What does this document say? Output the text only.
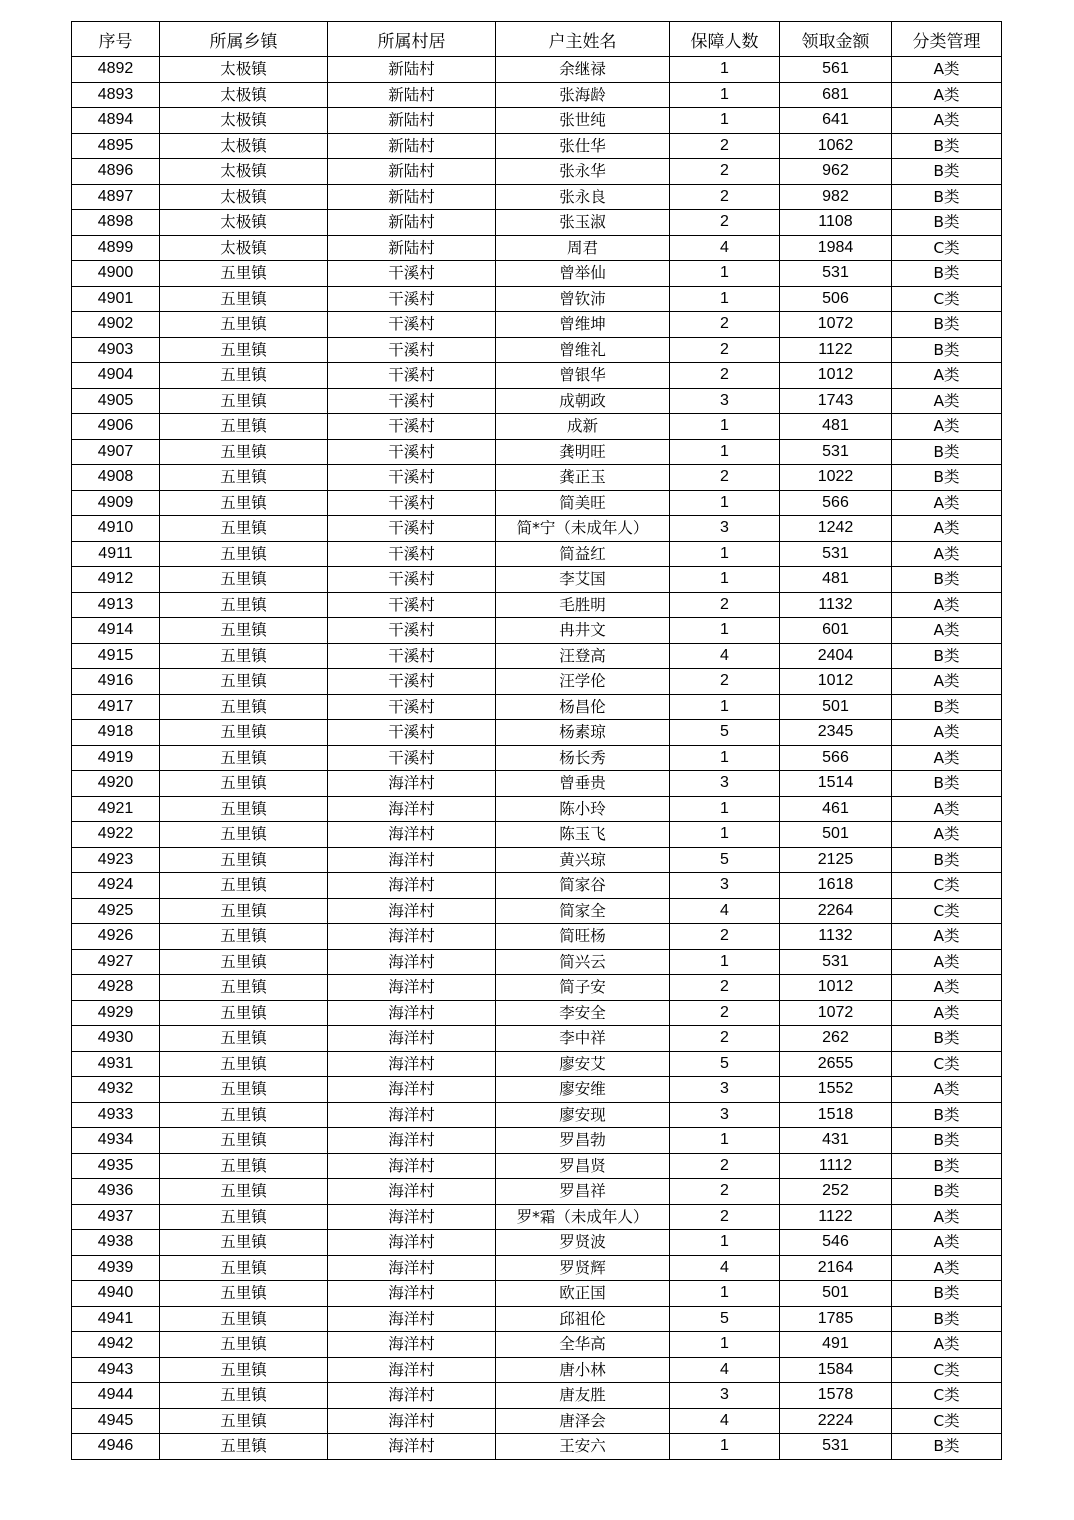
序号	所属乡镇	所属村居	户主姓名	保障人数	领取金额	分类管理
4892	太极镇	新陆村	余继禄	1	561	A类
4893	太极镇	新陆村	张海龄	1	681	A类
4894	太极镇	新陆村	张世纯	1	641	A类
4895	太极镇	新陆村	张仕华	2	1062	B类
4896	太极镇	新陆村	张永华	2	962	B类
4897	太极镇	新陆村	张永良	2	982	B类
4898	太极镇	新陆村	张玉淑	2	1108	B类
4899	太极镇	新陆村	周君	4	1984	C类
4900	五里镇	干溪村	曾举仙	1	531	B类
4901	五里镇	干溪村	曾钦沛	1	506	C类
4902	五里镇	干溪村	曾维坤	2	1072	B类
4903	五里镇	干溪村	曾维礼	2	1122	B类
4904	五里镇	干溪村	曾银华	2	1012	A类
4905	五里镇	干溪村	成朝政	3	1743	A类
4906	五里镇	干溪村	成新	1	481	A类
4907	五里镇	干溪村	龚明旺	1	531	B类
4908	五里镇	干溪村	龚正玉	2	1022	B类
4909	五里镇	干溪村	简美旺	1	566	A类
4910	五里镇	干溪村	简*宁（未成年人）	3	1242	A类
4911	五里镇	干溪村	简益红	1	531	A类
4912	五里镇	干溪村	李艾国	1	481	B类
4913	五里镇	干溪村	毛胜明	2	1132	A类
4914	五里镇	干溪村	冉井文	1	601	A类
4915	五里镇	干溪村	汪登高	4	2404	B类
4916	五里镇	干溪村	汪学伦	2	1012	A类
4917	五里镇	干溪村	杨昌伦	1	501	B类
4918	五里镇	干溪村	杨素琼	5	2345	A类
4919	五里镇	干溪村	杨长秀	1	566	A类
4920	五里镇	海洋村	曾垂贵	3	1514	B类
4921	五里镇	海洋村	陈小玲	1	461	A类
4922	五里镇	海洋村	陈玉飞	1	501	A类
4923	五里镇	海洋村	黄兴琼	5	2125	B类
4924	五里镇	海洋村	简家谷	3	1618	C类
4925	五里镇	海洋村	简家全	4	2264	C类
4926	五里镇	海洋村	简旺杨	2	1132	A类
4927	五里镇	海洋村	简兴云	1	531	A类
4928	五里镇	海洋村	简子安	2	1012	A类
4929	五里镇	海洋村	李安全	2	1072	A类
4930	五里镇	海洋村	李中祥	2	262	B类
4931	五里镇	海洋村	廖安艾	5	2655	C类
4932	五里镇	海洋村	廖安维	3	1552	A类
4933	五里镇	海洋村	廖安现	3	1518	B类
4934	五里镇	海洋村	罗昌勃	1	431	B类
4935	五里镇	海洋村	罗昌贤	2	1112	B类
4936	五里镇	海洋村	罗昌祥	2	252	B类
4937	五里镇	海洋村	罗*霜（未成年人）	2	1122	A类
4938	五里镇	海洋村	罗贤波	1	546	A类
4939	五里镇	海洋村	罗贤辉	4	2164	A类
4940	五里镇	海洋村	欧正国	1	501	B类
4941	五里镇	海洋村	邱祖伦	5	1785	B类
4942	五里镇	海洋村	全华高	1	491	A类
4943	五里镇	海洋村	唐小林	4	1584	C类
4944	五里镇	海洋村	唐友胜	3	1578	C类
4945	五里镇	海洋村	唐泽会	4	2224	C类
4946	五里镇	海洋村	王安六	1	531	B类
